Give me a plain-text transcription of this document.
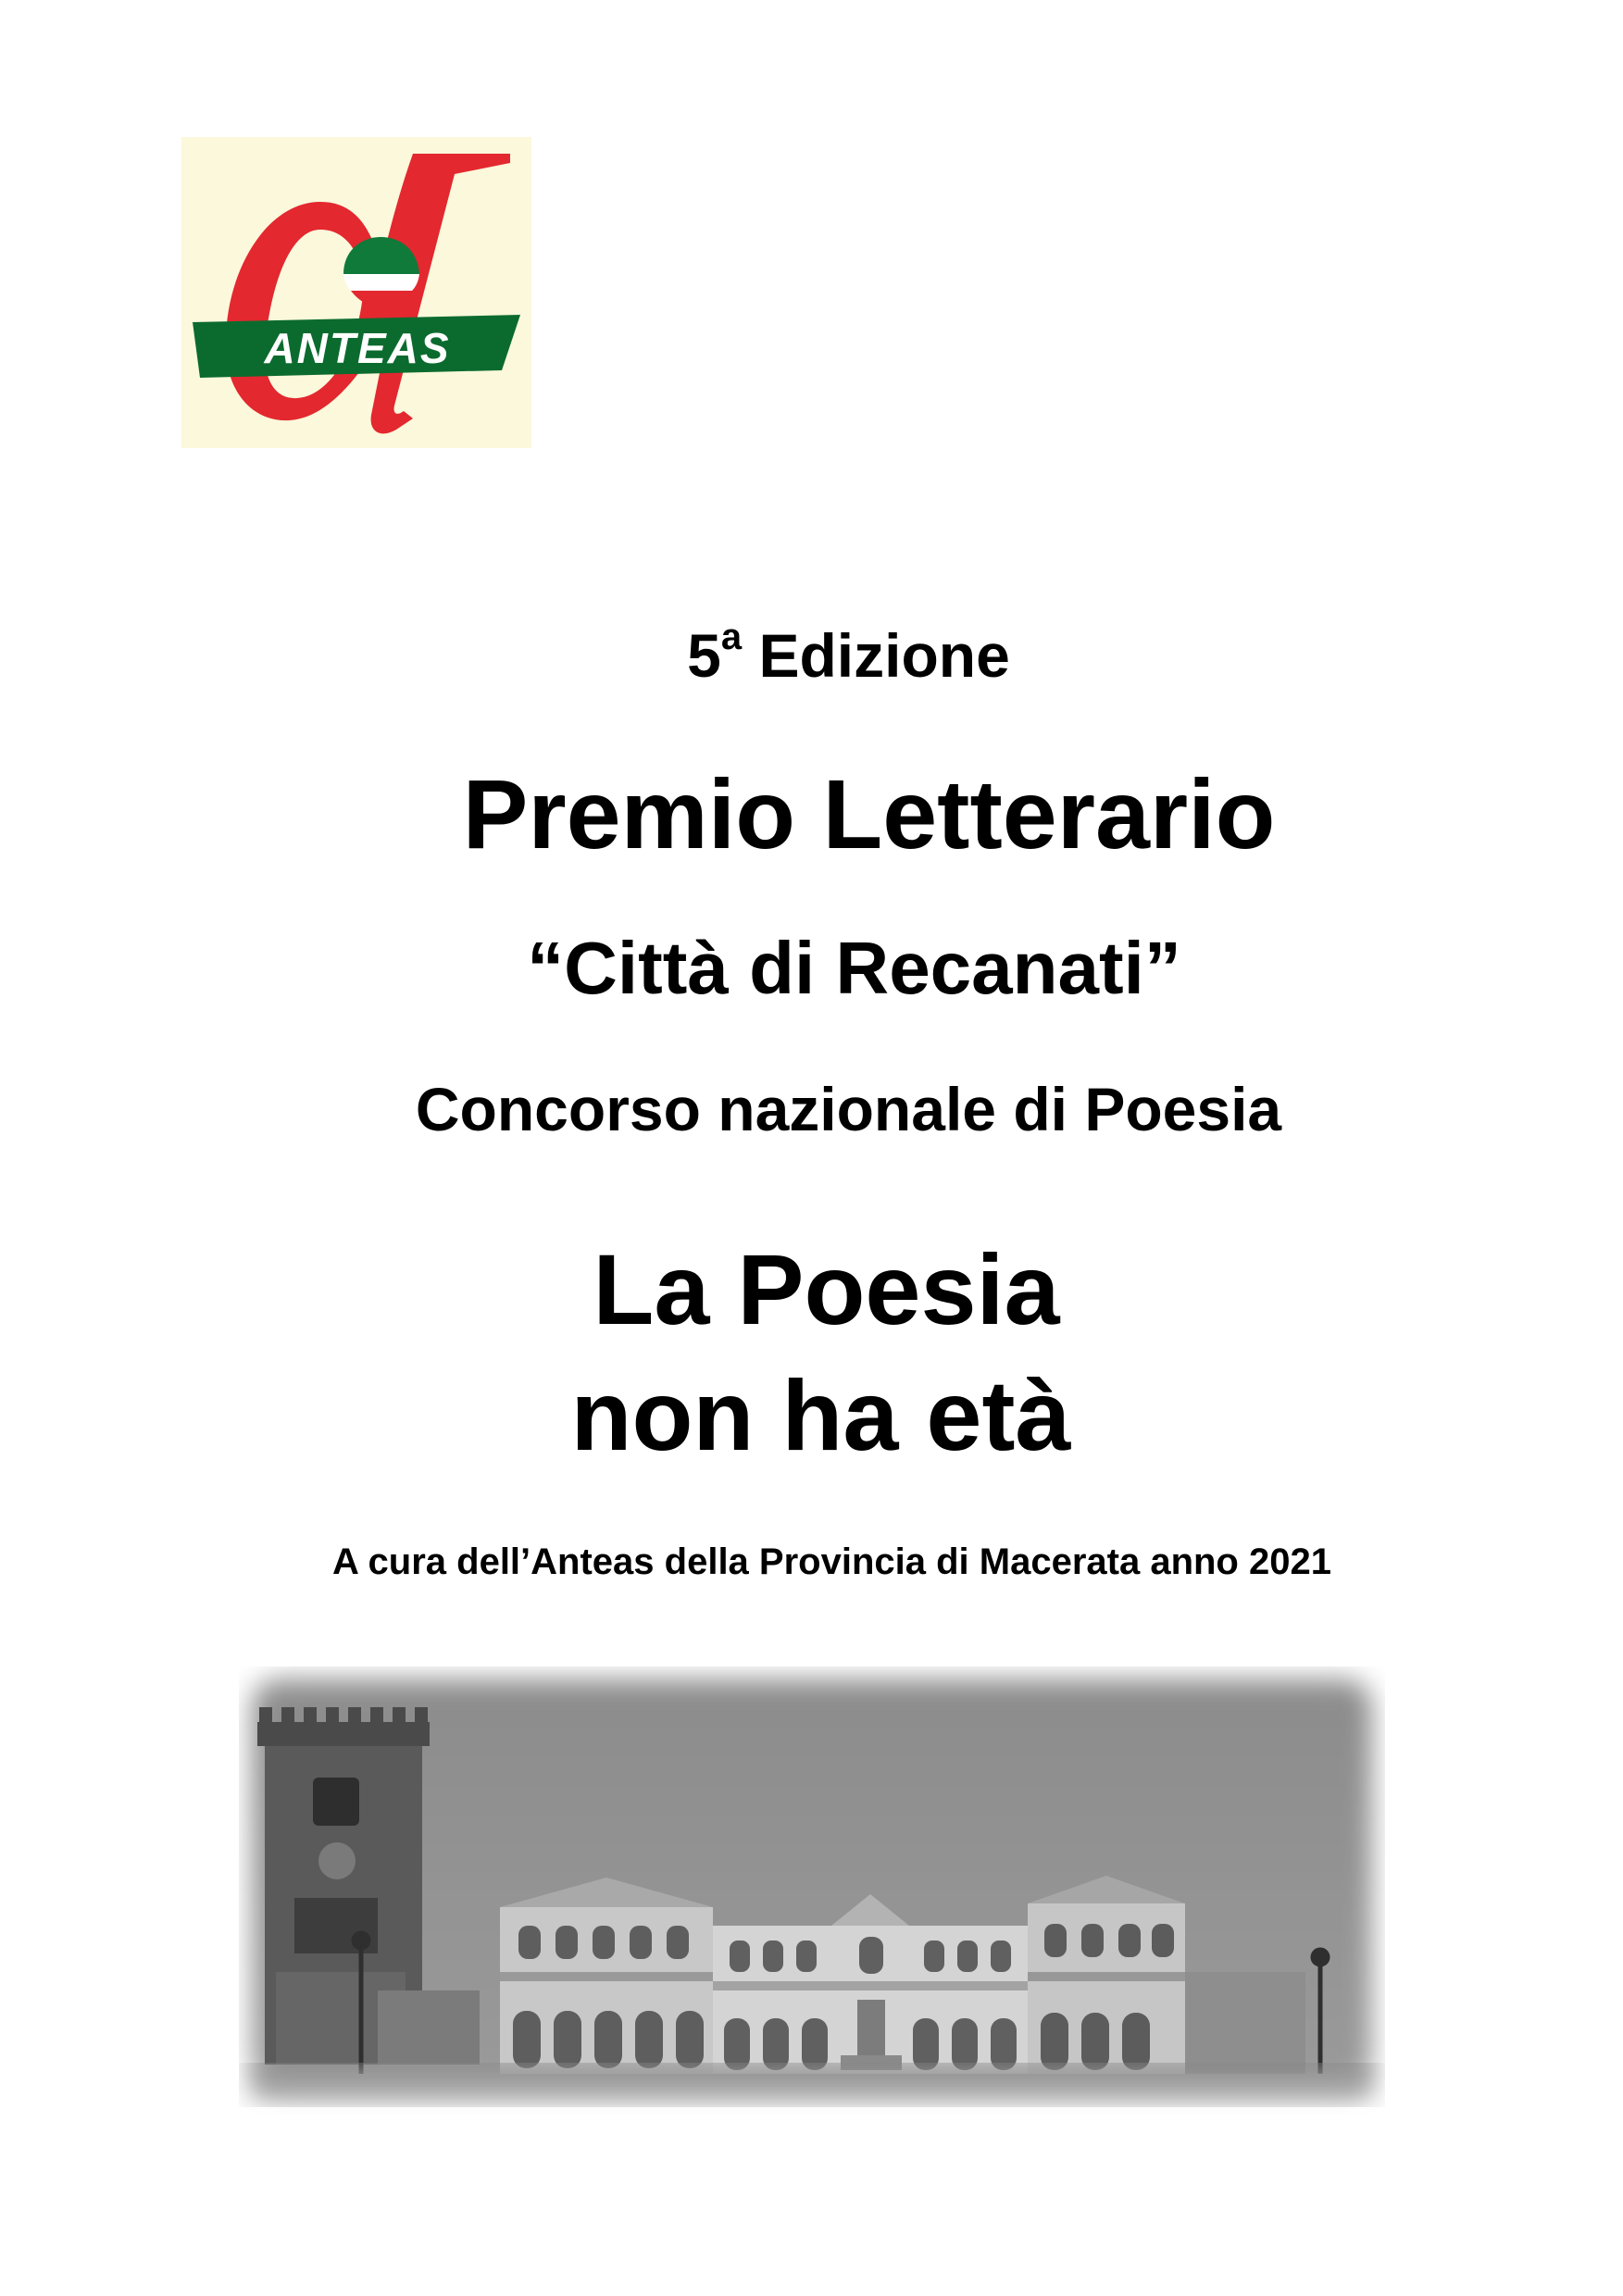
ANTEAS

5$^a$ Edizione

Premio Letterario

“Città di Recanati”

Concorso nazionale di Poesia

La Poesia

non ha età

A cura dell’Anteas della Provincia di Macerata anno 2021
